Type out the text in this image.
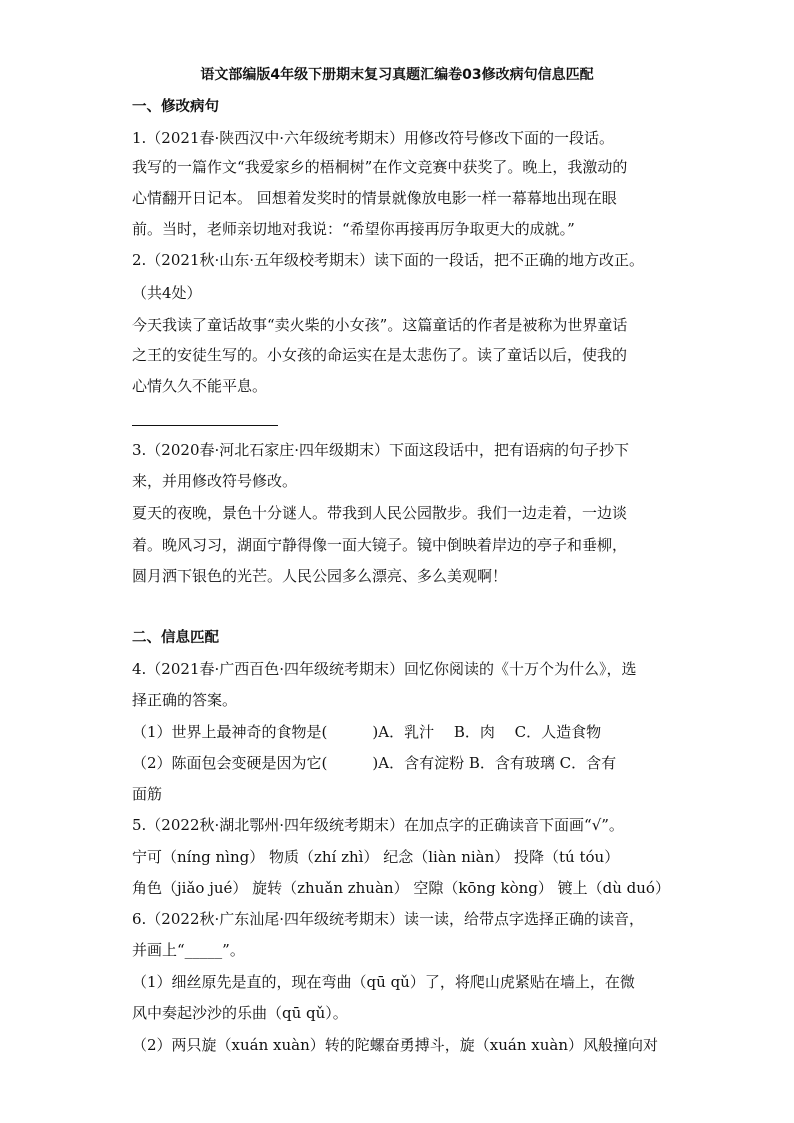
语文部编版4年级下册期末复习真题汇编卷03修改病句信息匹配
一、修改病句
1.（2021春·陕西汉中·六年级统考期末）用修改符号修改下面的一段话。
我写的一篇作文“我爱家乡的梧桐树”在作文竞赛中获奖了。晚上，我激动的
心情翻开日记本。 回想着发奖时的情景就像放电影一样一幕幕地出现在眼
前。当时，老师亲切地对我说：“希望你再接再厉争取更大的成就。”
2.（2021秋·山东·五年级校考期末）读下面的一段话，把不正确的地方改正。
（共4处）
今天我读了童话故事“卖火柴的小女孩”。这篇童话的作者是被称为世界童话
之王的安徒生写的。小女孩的命运实在是太悲伤了。读了童话以后，使我的
心情久久不能平息。
3.（2020春·河北石家庄·四年级期末）下面这段话中，把有语病的句子抄下
来，并用修改符号修改。
夏天的夜晚，景色十分谜人。带我到人民公园散步。我们一边走着，一边谈
着。晚风习习，湖面宁静得像一面大镜子。镜中倒映着岸边的亭子和垂柳，
圆月洒下银色的光芒。人民公园多么漂亮、多么美观啊！
二、信息匹配
4.（2021春·广西百色·四年级统考期末）回忆你阅读的《十万个为什么》，选
择正确的答案。
（1）世界上最神奇的食物是(　　　)A．乳汁　 B．肉　 C．人造食物
（2）陈面包会变硬是因为它(　　　)A．含有淀粉 B．含有玻璃 C．含有
面筋
5.（2022秋·湖北鄂州·四年级统考期末）在加点字的正确读音下面画“√”。
宁可（níng nìng） 物质（zhí zhì） 纪念（liàn niàn） 投降（tú tóu）
角色（jiǎo jué） 旋转（zhuǎn zhuàn） 空隙（kōng kòng） 镀上（dù duó）
6.（2022秋·广东汕尾·四年级统考期末）读一读，给带点字选择正确的读音，
并画上“_____”。
（1）细丝原先是直的，现在弯曲（qū qǔ）了，将爬山虎紧贴在墙上，在微
风中奏起沙沙的乐曲（qū qǔ）。
（2）两只旋（xuán xuàn）转的陀螺奋勇搏斗，旋（xuán xuàn）风般撞向对
